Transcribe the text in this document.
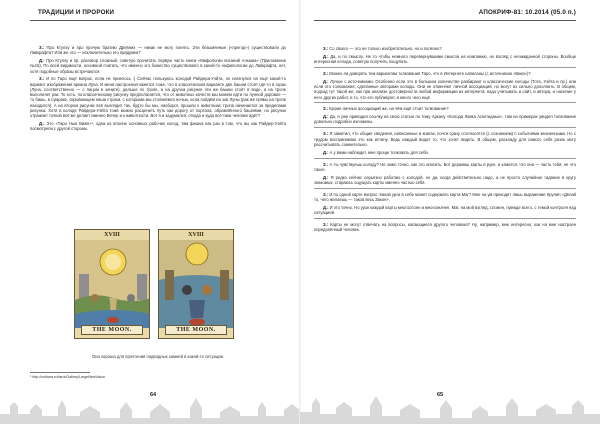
ТРАДИЦИИ И ПРОРОКИ

З.: Про Ктулху и про прочую братию Древних — никак не могу понять. Эти безымянные («прегор») существовали до Лавкрафта? Или же это — исключительно его придумка?

Д.: Про Ктулху и пр. разговор сложный, советую прочитать первую часть книги «Мифологии писаний Альмаа» (Приложение №15). По всей видимости, основной считать, что именно эго божество существовало в какой-то нефилологии до Лавкрафта, нет, хотя подобные образы встречаются.

З.: И по Таро ещё вопрос, если не приелось :) Сейчас пользуюсь колодой Райдера-Уэйта, но наткнулся на ещё какой-то вариант изображения аркана Луна. И меня настроения кажется тоже, что в классическом варианте две башни стоят где-то в горах (Луна, соответственно — с лицом в зените), дальше по тропе, а на другом рисунке эти же башни стоят в воде, а на тропе выполняет рак. То есть, по классическому рисунку предполагается, что от животных качеств мы можем идти по лунной дорожке — то бишь, в сумраке, скрывающем наши страхи, с которыми мы столкнёмся ночью, если пойдём на зов Луны (рак же прямо на тропе находится). А на втором рисунке всё выглядит так, будто бы мы, наоборот, прошли к животным; тропа начинается за пределами рисунка. Хотя в колоде Райдера-Уэйта тоже можно расценить путь как дорогу от портала, обрамлённого башнями, но рисунок отражает точкой всё же делает именно Вечер и к животности. Вот я и задумался: откуда и куда всё-таки человек идёт?

Д.: Это «Таро Нью Вижн»¹, одна из вполне основных рабочих колод, там фишка как раз в том, что вы как Райдер-Уэйта посмотрели с другой стороны.

XVIII
THE MOON.
XVIII
THE MOON.
Она хороша для прочтения подводных камней в какой-то ситуации.
¹ http://noktara.ru/tarot/Gallery/LargeNewVision
64
АПОКРИФ-81: 10.2014 (05.0 п.)

З.: Со своего — это не только изобретательно, но и полезно?

Д.: Да, и по смыслу. Не то чтобы немного перевернувшими смысла на компанию, но взгляд с неожиданной стороны. Вообще интересная колода, советую получить пощупать.

З.: Можно ли доверять тем вариантам толкования Таро, что в Интернете написаны (с источником «Вика»)?

Д.: Лучше с источниками. Особенно если это в большом количестве разбирают и классические колоды (Тота, Уэйта и пр.) или если это толкования, сделанные авторами колоды. Они не отменяют личной ассоциаций, но могут их сильно дополнить. В общем, подход тут такой же, как при анализе достоверности любой информации из интернета: надо учитывать и сайт, и автора, и наличие у него других работ, и то, что его публикуют, и много чего ещё.

З.: Кроме личных ассоциаций же, на чём ещё стоит толкование?

Д.: Да, я уже приводил ссылку на свою статью по тому Аркану «Колода Лавка Аскетидных», там на примерах увидел толкование довольно подробно изложены.

З.: Я заметил, что общие сведения, написанные в книгах, почти сразу соотносятся (с сознанием) с событиями жизненными. Но с трудом воспринимаю это как истину. Ведь каждый видит то, что хочет видеть. В общем, раскладу для самого себя разок могу рассчитывать сомнительно.

Д.: А у вами наблюдет, мне проще толковать для себя.

З.: А ты чувствуешь колоду? Не знаю точно, как это описать. Вот держишь карты в руке, и кажется, что они — часть тебя; не что такое.

Д.: Я редко сейчас серьёзно работаю с колодой, но да, когда действительно надо, а не просто случайное гадание в кругу знакомых, стараюсь ощущать карты именно частью себя.

З.: И по одной карте вопрос. Какой урок в себе может содержать карта Маг? Мне на ум приходит лишь выражение Крулин «Делай то, чего желаешь — таков весь Закон».

Д.: И это точно. Но урок каждой карты многослоен и многозначен. Маг, на мой взгляд, сложен, прежде всего, с темой контроля над ситуацией.

З.: Карты не могут отвечать на вопросы, касающиеся другого человека? Ну, например, мне интересно, как на мне настроен определённый человек.

65
